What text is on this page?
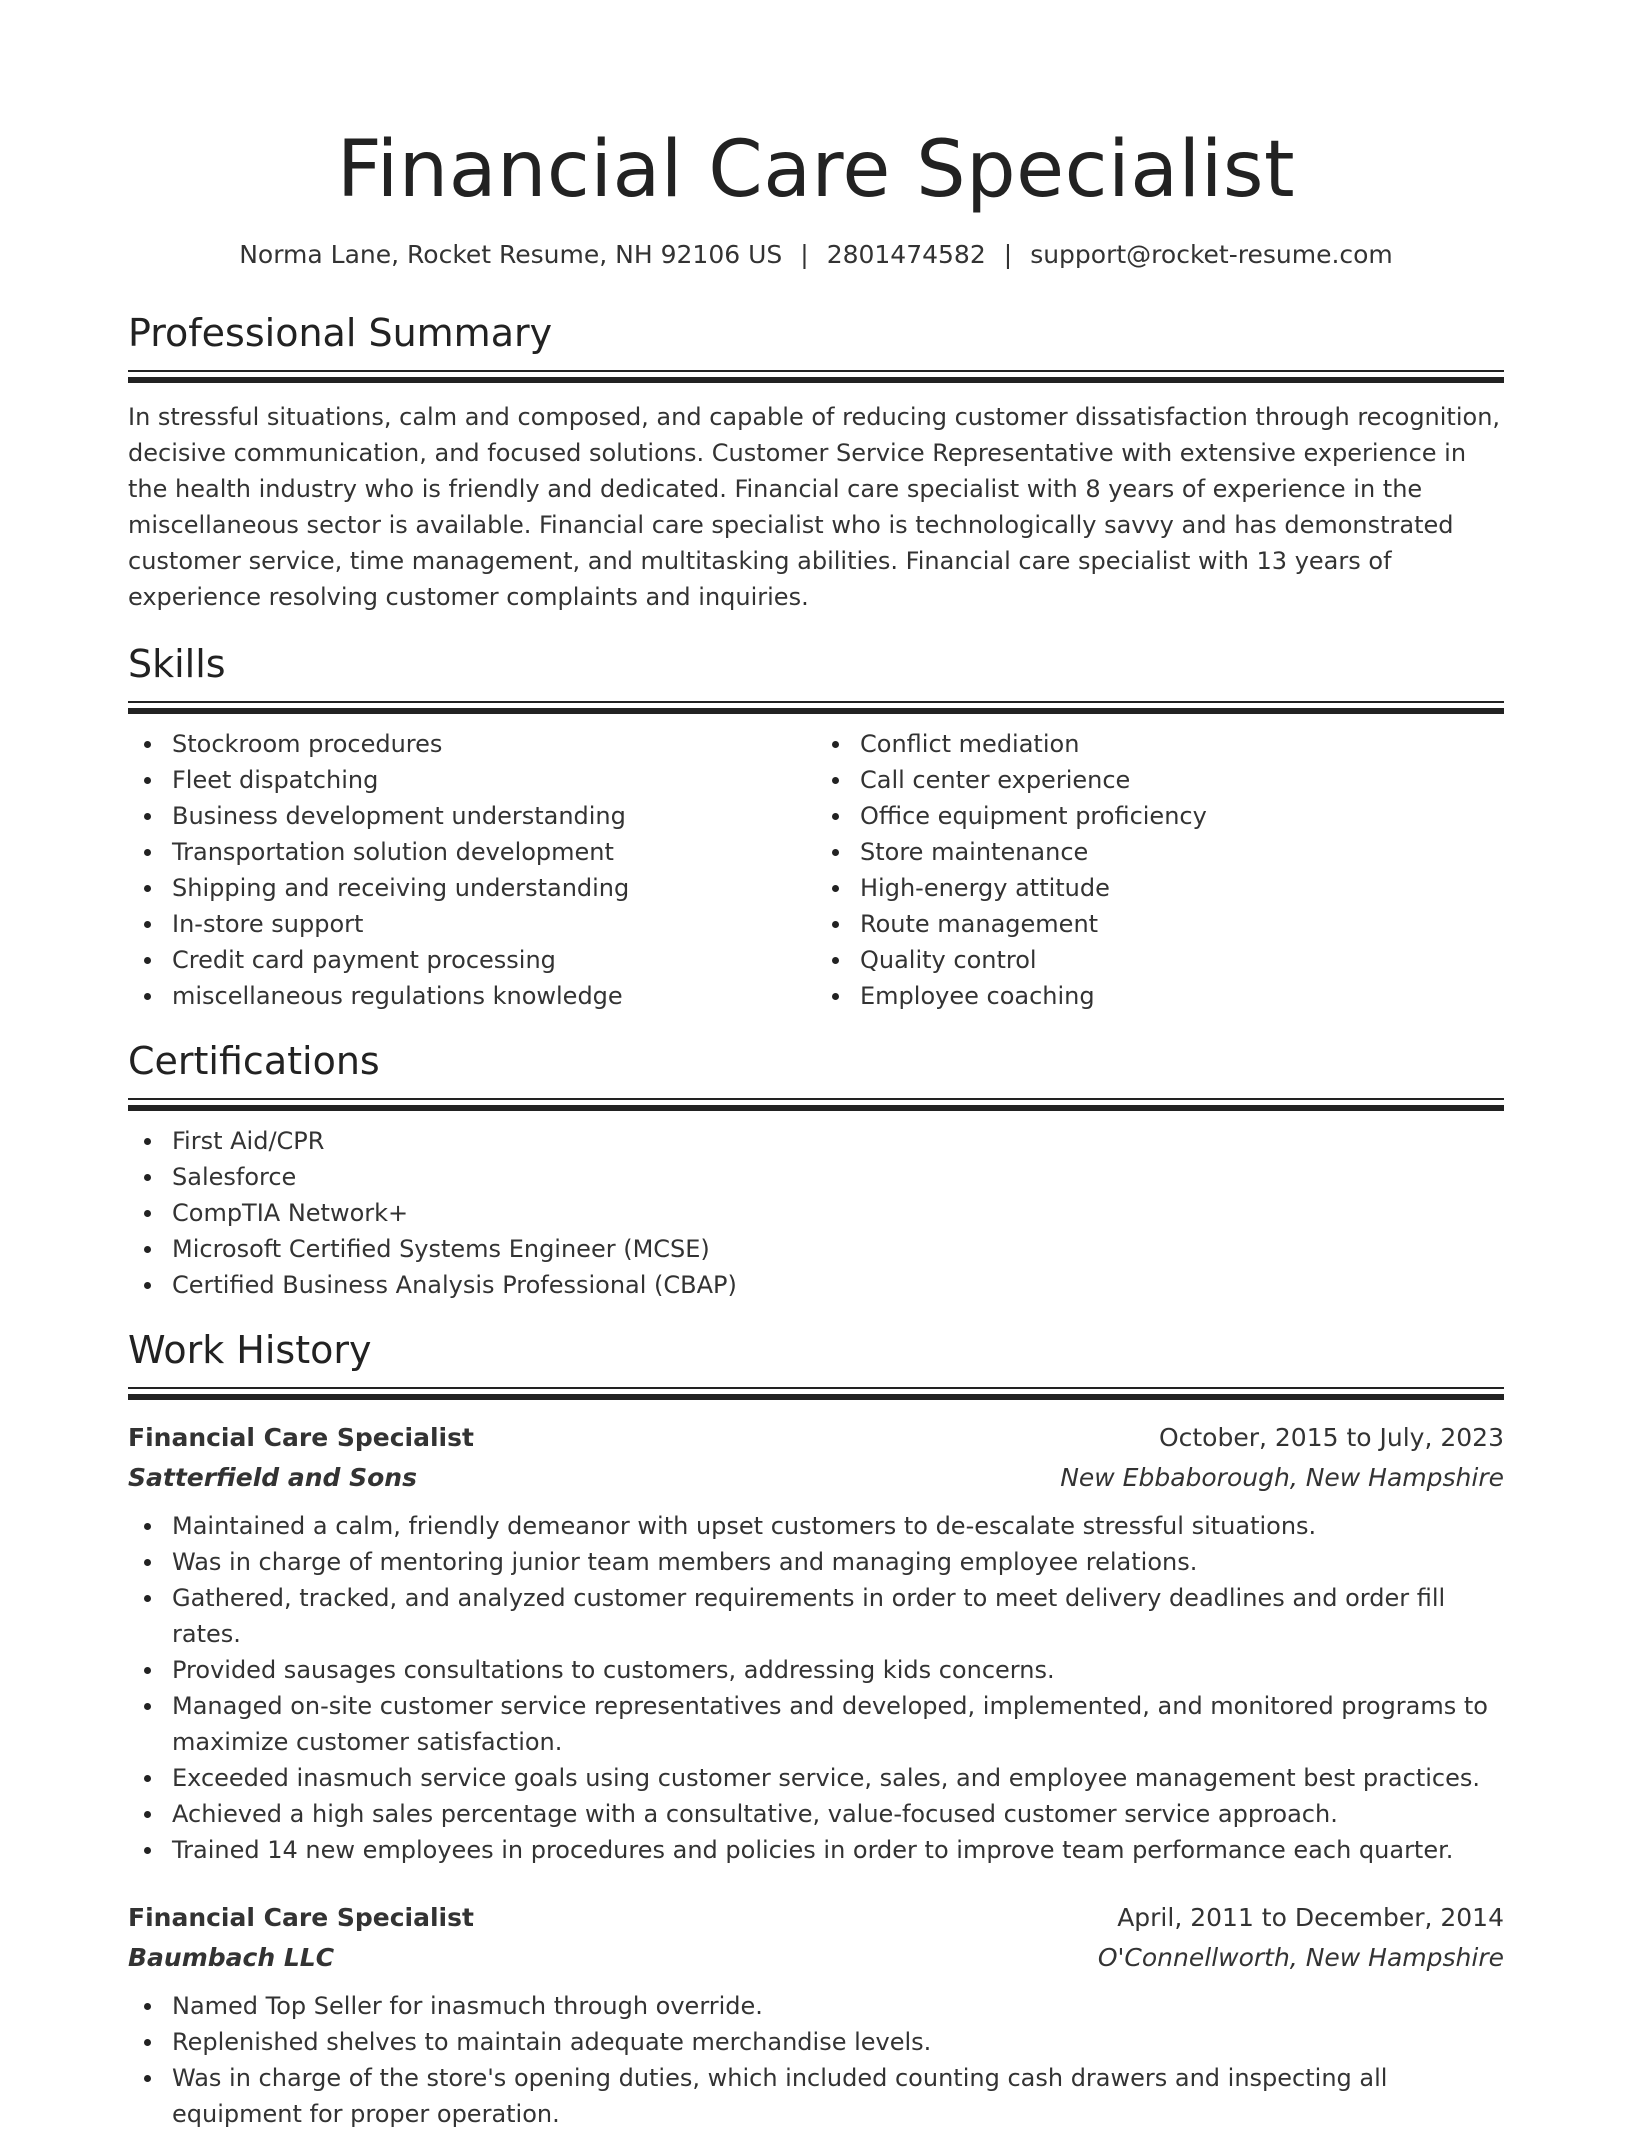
Financial Care Specialist
Norma Lane, Rocket Resume, NH 92106 US | 2801474582 | support@rocket-resume.com
Professional Summary

In stressful situations, calm and composed, and capable of reducing customer dissatisfaction through recognition, decisive communication, and focused solutions. Customer Service Representative with extensive experience in the health industry who is friendly and dedicated. Financial care specialist with 8 years of experience in the miscellaneous sector is available. Financial care specialist who is technologically savvy and has demonstrated customer service, time management, and multitasking abilities. Financial care specialist with 13 years of experience resolving customer complaints and inquiries.

Skills
Stockroom procedures
Fleet dispatching
Business development understanding
Transportation solution development
Shipping and receiving understanding
In-store support
Credit card payment processing
miscellaneous regulations knowledge
Conflict mediation
Call center experience
Office equipment proficiency
Store maintenance
High-energy attitude
Route management
Quality control
Employee coaching
Certifications
First Aid/CPR
Salesforce
CompTIA Network+
Microsoft Certified Systems Engineer (MCSE)
Certified Business Analysis Professional (CBAP)
Work History
Financial Care Specialist	October, 2015 to July, 2023
Satterfield and Sons	New Ebbaborough, New Hampshire
Maintained a calm, friendly demeanor with upset customers to de-escalate stressful situations.
Was in charge of mentoring junior team members and managing employee relations.
Gathered, tracked, and analyzed customer requirements in order to meet delivery deadlines and order fill rates.
Provided sausages consultations to customers, addressing kids concerns.
Managed on-site customer service representatives and developed, implemented, and monitored programs to maximize customer satisfaction.
Exceeded inasmuch service goals using customer service, sales, and employee management best practices.
Achieved a high sales percentage with a consultative, value-focused customer service approach.
Trained 14 new employees in procedures and policies in order to improve team performance each quarter.
Financial Care Specialist	April, 2011 to December, 2014
Baumbach LLC	O'Connellworth, New Hampshire
Named Top Seller for inasmuch through override.
Replenished shelves to maintain adequate merchandise levels.
Was in charge of the store's opening duties, which included counting cash drawers and inspecting all equipment for proper operation.
